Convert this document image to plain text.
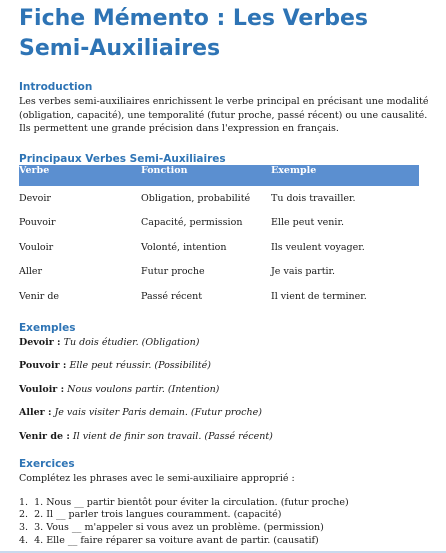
Fiche Mémento : Les Verbes Semi-Auxiliaires
Introduction
Les verbes semi-auxiliaires enrichissent le verbe principal en précisant une modalité (obligation, capacité), une temporalité (futur proche, passé récent) ou une causalité. Ils permettent une grande précision dans l'expression en français.
Principaux Verbes Semi-Auxiliaires
Verbe	Fonction	Exemple
Devoir	Obligation, probabilité	Tu dois travailler.
Pouvoir	Capacité, permission	Elle peut venir.
Vouloir	Volonté, intention	Ils veulent voyager.
Aller	Futur proche	Je vais partir.
Venir de	Passé récent	Il vient de terminer.
Exemples
Devoir : Tu dois étudier. (Obligation)
Pouvoir : Elle peut réussir. (Possibilité)
Vouloir : Nous voulons partir. (Intention)
Aller : Je vais visiter Paris demain. (Futur proche)
Venir de : Il vient de finir son travail. (Passé récent)
Exercices
Complétez les phrases avec le semi-auxiliaire approprié :
1. 1. Nous __ partir bientôt pour éviter la circulation. (futur proche)
2. 2. Il __ parler trois langues couramment. (capacité)
3. 3. Vous __ m'appeler si vous avez un problème. (permission)
4. 4. Elle __ faire réparer sa voiture avant de partir. (causatif)
